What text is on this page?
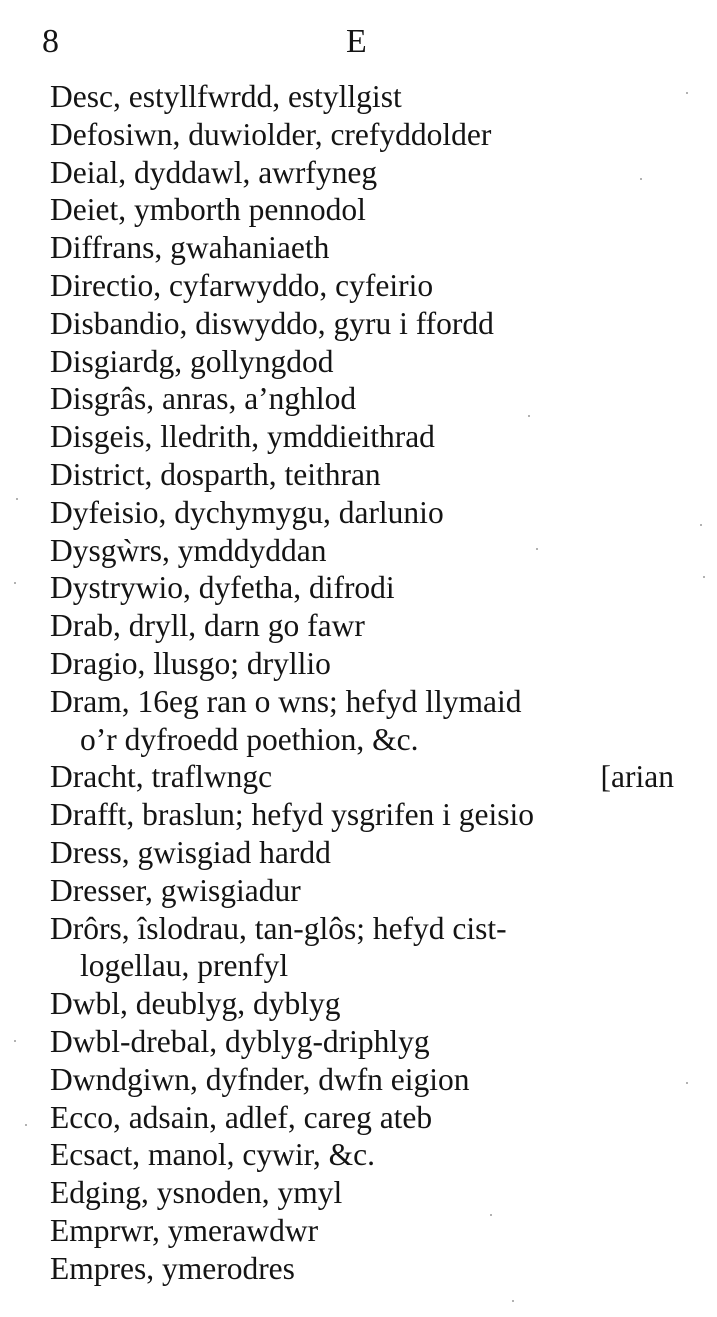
8	E
Desc, estyllfwrdd, estyllgist
Defosiwn, duwiolder, crefyddolder
Deial, dyddawl, awrfyneg
Deiet, ymborth pennodol
Diffrans, gwahaniaeth
Directio, cyfarwyddo, cyfeirio
Disbandio, diswyddo, gyru i ffordd
Disgiardg, gollyngdod
Disgrâs, anras, a’nghlod
Disgeis, lledrith, ymddieithrad
District, dosparth, teithran
Dyfeisio, dychymygu, darlunio
Dysgẁrs, ymddyddan
Dystrywio, dyfetha, difrodi
Drab, dryll, darn go fawr
Dragio, llusgo; dryllio
Dram, 16eg ran o wns; hefyd llymaid
o’r dyfroedd poethion, &c.
Dracht, traflwngc	[arian
Drafft, braslun; hefyd ysgrifen i geisio
Dress, gwisgiad hardd
Dresser, gwisgiadur
Drôrs, îslodrau, tan-glôs; hefyd cist-
logellau, prenfyl
Dwbl, deublyg, dyblyg
Dwbl-drebal, dyblyg-driphlyg
Dwndgiwn, dyfnder, dwfn eigion
Ecco, adsain, adlef, careg ateb
Ecsact, manol, cywir, &c.
Edging, ysnoden, ymyl
Emprwr, ymerawdwr
Empres, ymerodres
